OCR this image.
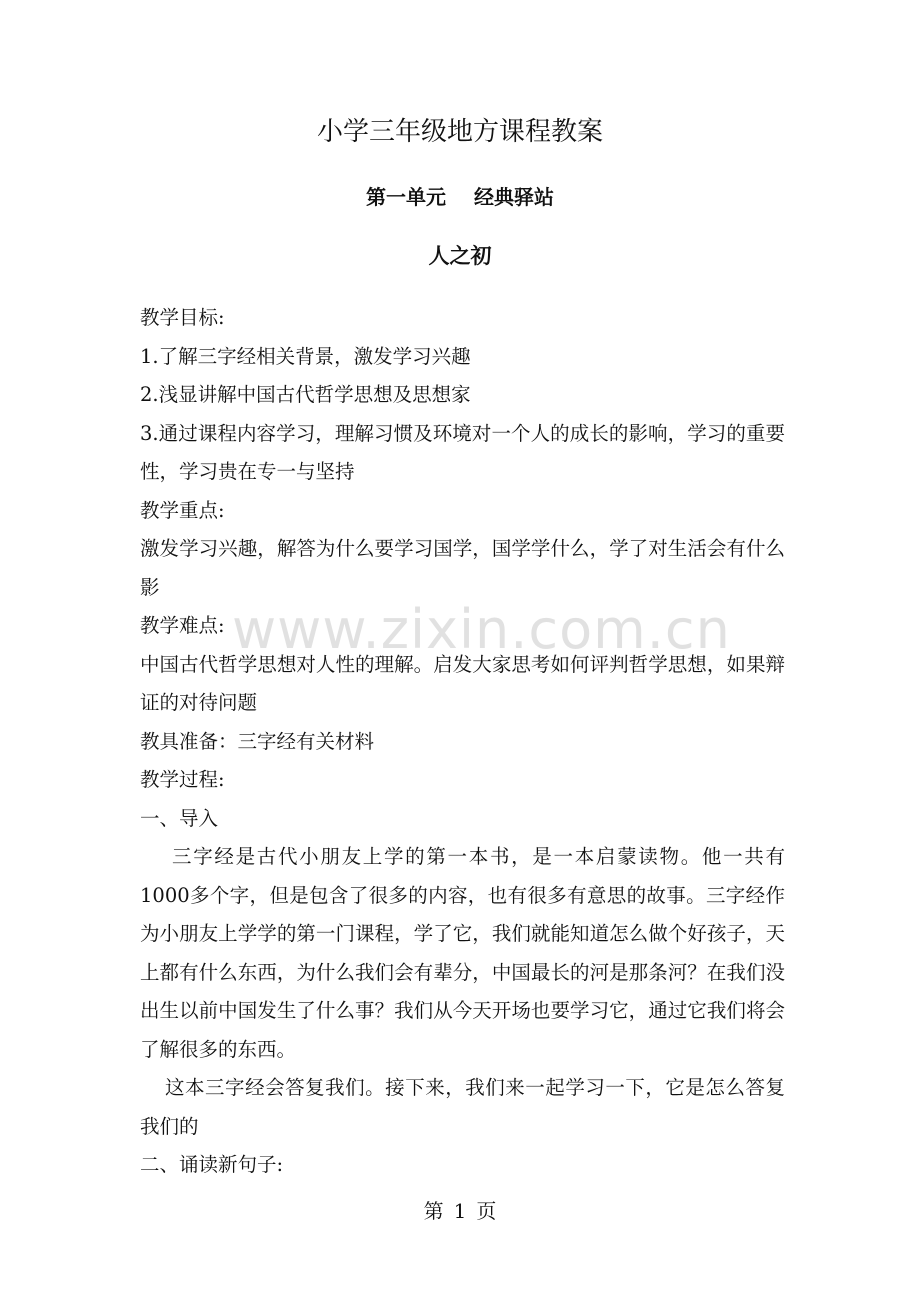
小学三年级地方课程教案
第一单元 经典驿站
人之初

教学目标:

1.了解三字经相关背景，激发学习兴趣

2.浅显讲解中国古代哲学思想及思想家

3.通过课程内容学习，理解习惯及环境对一个人的成长的影响，学习的重要性，学习贵在专一与坚持

教学重点:

激发学习兴趣，解答为什么要学习国学，国学学什么，学了对生活会有什么影

教学难点:

中国古代哲学思想对人性的理解。启发大家思考如何评判哲学思想，如果辩证的对待问题

教具准备：三字经有关材料

教学过程:

一、导入

三字经是古代小朋友上学的第一本书，是一本启蒙读物。他一共有1000多个字，但是包含了很多的内容，也有很多有意思的故事。三字经作为小朋友上学学的第一门课程，学了它，我们就能知道怎么做个好孩子，天上都有什么东西，为什么我们会有辈分，中国最长的河是那条河？在我们没出生以前中国发生了什么事？我们从今天开场也要学习它，通过它我们将会了解很多的东西。

这本三字经会答复我们。接下来，我们来一起学习一下，它是怎么答复我们的

二、诵读新句子:

www.zixin.com.cn
第 1 页
